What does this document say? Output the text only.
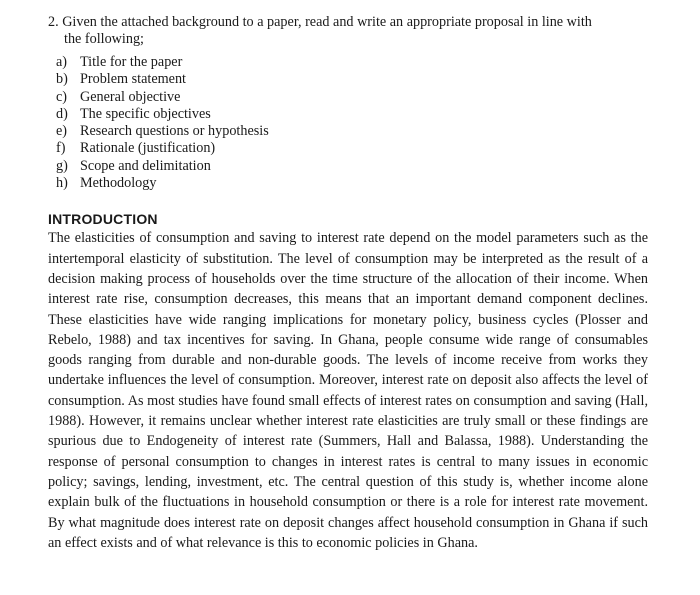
2. Given the attached background to a paper, read and write an appropriate proposal in line with
the following;

a) Title for the paper
b) Problem statement
c) General objective
d) The specific objectives
e) Research questions or hypothesis
f)	Rationale (justification)
g) Scope and delimitation
h) Methodology
INTRODUCTION

The elasticities of consumption and saving to interest rate depend on the model parameters such as the intertemporal elasticity of substitution. The level of consumption may be interpreted as the result of a decision making process of households over the time structure of the allocation of their income. When interest rate rise, consumption decreases, this means that an important demand component declines. These elasticities have wide ranging implications for monetary policy, business cycles (Plosser and Rebelo, 1988) and tax incentives for saving. In Ghana, people consume wide range of consumables goods ranging from durable and non-durable goods. The levels of income receive from works they undertake influences the level of consumption. Moreover, interest rate on deposit also affects the level of consumption. As most studies have found small effects of interest rates on consumption and saving (Hall, 1988). However, it remains unclear whether interest rate elasticities are truly small or these findings are spurious due to Endogeneity of interest rate (Summers, Hall and Balassa, 1988). Understanding the response of personal consumption to changes in interest rates is central to many issues in economic policy; savings, lending, investment, etc. The central question of this study is, whether income alone explain bulk of the fluctuations in household consumption or there is a role for interest rate movement. By what magnitude does interest rate on deposit changes affect household consumption in Ghana if such an effect exists and of what relevance is this to economic policies in Ghana.
